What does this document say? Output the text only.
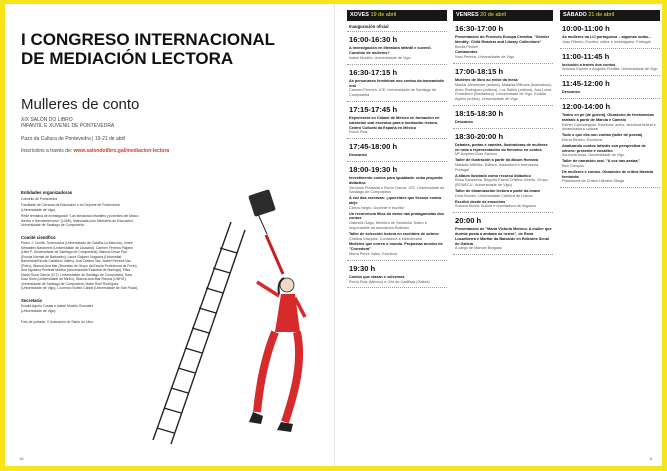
I CONGRESO INTERNACIONAL
DE MEDIACIÓN LECTORA
Mulleres de conto
XIX SALÓN DO LIBRO
INFANTIL E XUVENIL DE PONTEVEDRA
Pazo da Cultura de Pontevedra | 19-21 de abril
Inscricións a través de: www.salondolibro.gal/mediacion-lectora
Entidades organizadoras

Concello de Pontevedra

Facultade de Ciencias da Educación e do Deporte de Pontevedra (Universidade de Vigo)

Rede temática de investigación "Las literaturas infantiles y juveniles del Marco Ibérico e Iberoamericano" (LIJMI), financiada polo Ministerio de Educación, Universidade de Santiago de Compostela.

Comité científico

Pedro J. Cerrillo Torremocha (Universidade de Castilla-La Mancha), Josée Sébastien Bastarreix (Universidade de Lausana), Carmen Ferreira Pajuelo (Ulen P. Universidade de Santiago de Compostela), Blanca-Cesar Pau (Escola Normal de Barbastro), Laura Guijarro Noguera (Universitat Barcelona/Escola Caballero Vallès), Ana Cristina Vaz, Isabel Ferreira Vaz (Porto), Blanca-Ana Mar (Bruxelas de Grupo da Escola Profesional de Porto), Ana Agustina Pentinat Martha (Universidade Estadual de Maringá), Elisa María Roca-García (CIT), Universidade de Santiago de Compostela, Sara Díaz Sixto (Universidade de Minho), Blanca-Ana Mar Ramos (UNHIT), Universidade de Santiago de Compostela, Mabe Roel Rodríguez (Universidade de Vigo), Lourenzo Núñez Cabral (Universidade de San Paulo).

Secretaría

Eulalia Agrelo Costas e Isabel Mociño González
(Universidade de Vigo).

Foto de portada: © Ilustración do Salón do Libro.

18
XOVES 19 de abril
Inauguración oficial
16:00-16:30 h
A investigación en literatura infantil e xuvenil. Cuestión de mulleres?
Isabel Mociño. Universidade de Vigo
16:30-17:15 h
As personaxes femininas nos contos da tranvantoile oral
Carmen Ferreiro. ICE. Universidade de Santiago de Compostela
17:15-17:45 h
Experiencia en Cidade de México en formación en narración oral escénica para a mediación lectora. Centro Cultural da España en México
Rocío Ruiz
17:45-18:00 h
Descanso
18:00-19:30 h
Investimento contos para igualdade: unha proposta didáctica
Verónica Pousada e Rocío García. ICE. Universidade de Santiago de Compostela
A voz das escravas: ¿quereides que ilcosos contra aleje
Carlos Negro. Docente e escritor
Un recorrencia fílica do demo nas protagonistas dos contos
Gabriela Gago. Membro de Sandinha Teatro e responsable da asociación Boktriza
Taller de selección lectora en escritóns de sobrov
Cristina Vázquez. Contadora e bibliotecaria
Mulleres que corren o mundo. Propostas arredor de "Corredora"
María Pérez Vales. Escritora
19:30 h
Contos que viaxan e volvemos
Rocío Ruiz (México) e Cris de Cadilhas (Galiza)
VENRES 20 de abril
16:30-17:00 h
Presentación do Proxecto Europa Creativa. "Gender Identity: Child Readers and Library Collections"
Beldiz Pentiel
Contaorotes
Nosi Pereira. Universidade de Vigo
17:00-18:15 h
Mulleres de libro ao redor da mesa
Marilar Aleixandre (autora), Mafalda Milhoes (ilustradora), Anxo Rodríguez (editora), Luz Salleir (editora), Ana Luisa Fransileiro (ilustradora). Universidade de Vigo. Eulalia Agrelo (crítica). Universidade de Vigo
18:15-18:30 h
Descanso
18:30-20:00 h
Debates, portas e xanelas. Ilustradoras de mulleres en roda a representación do feminino en contos
Mª Ángeles Díaz Sanuxo
Taller de ilustración a partir do álbum Hornara
Mafalda Milhões. Editora, ilustradora e formadora. Portugal
A álbum ilustrado como recurso didáctico
Rosa Sanzioma, Begoña Pazos Cristina Vicedo. Grupo (BONECU. Universidade de Vigo)
Taller de dinamización lectora a partir da imaxe
Dora Bulnes. Universidade Católica de Lisboa
Escribir desde as emocións
Susana Alzola. Autora e orientadora de linguaxe
20:00 h
Presentación de "María Victoria Moreno. A muller que durmia posta o ambara no rostro", de Rosa Lusariberra e Marfiar da Baixarde en Edicións Senal de Galicia
A cargo de Manuel Bragado
SÁBADO 21 de abril
10:00-11:00 h
As mulleres na LIJ portuguesa – algumas notas...
Joao Ribeiro. Escritor, editor e investigador. Portugal
11:00-11:45 h
Inclusión a través dos contos
Antonia Gómez e Angeles Pontilla. Universidade de Vigo
11:45-12:00 h
Descanso
12:00-14:00 h
Teatro en pé (de guerra). Obradoiro de ferramentas teatrais a partir de Marcia e Camelo
Esther Carrodeguas. Escritora, actriz, directora teatral e dinamizadora cultural
Todo o que ella non contan (taller de poesía)
Elena Ribeiro. Escritora
Analizando contos infantís con perspectiva de xénero: presente e enxalitro
Azucena Arias. Universidade de Vigo
Taller de narración oral. "A voz nas axaias"
Bea Campos
De mulleres e contos. Obradoiro de crítica literaria feminista
Plataforma de Crítica Literaria Stinga
6
